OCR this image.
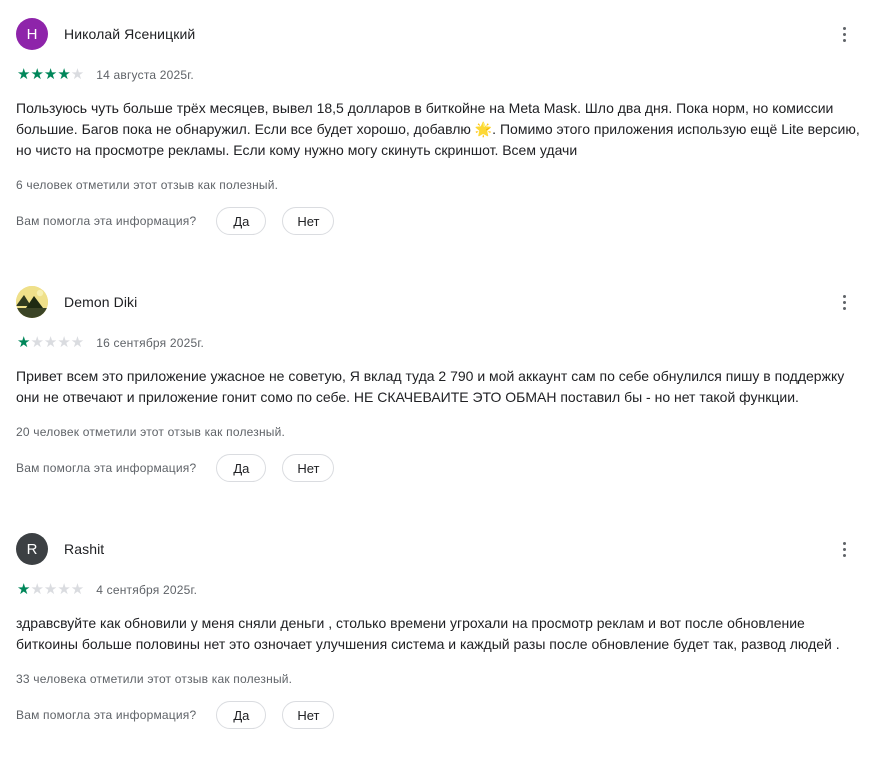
Н Николай Ясеницкий
★★★★★ 14 августа 2025г.
Пользуюсь чуть больше трёх месяцев, вывел 18,5 долларов в биткойне на Meta Mask. Шло два дня. Пока норм, но комиссии большие. Багов пока не обнаружил. Если все будет хорошо, добавлю 🌟. Помимо этого приложения использую ещё Lite версию, но чисто на просмотре рекламы. Если кому нужно могу скинуть скриншот. Всем удачи
6 человек отметили этот отзыв как полезный.
Вам помогла эта информация?	Да	Нет
Demon Diki
★★★★★ 16 сентября 2025г.
Привет всем это приложение ужасное не советую, Я вклад туда 2 790 и мой аккаунт сам по себе обнулился пишу в поддержку они не отвечают и приложение гонит сомо по себе. НЕ СКАЧЕВАИТЕ ЭТО ОБМАН поставил бы - но нет такой функции.
20 человек отметили этот отзыв как полезный.
Вам помогла эта информация?	Да	Нет
R Rashit
★★★★★ 4 сентября 2025г.
здравсвуйте как обновили у меня сняли деньги , столько времени угрохали на просмотр реклам и вот после обновление биткоины больше половины нет это озночает улучшения система и каждый разы после обновление будет так, развод людей .
33 человека отметили этот отзыв как полезный.
Вам помогла эта информация?	Да	Нет
